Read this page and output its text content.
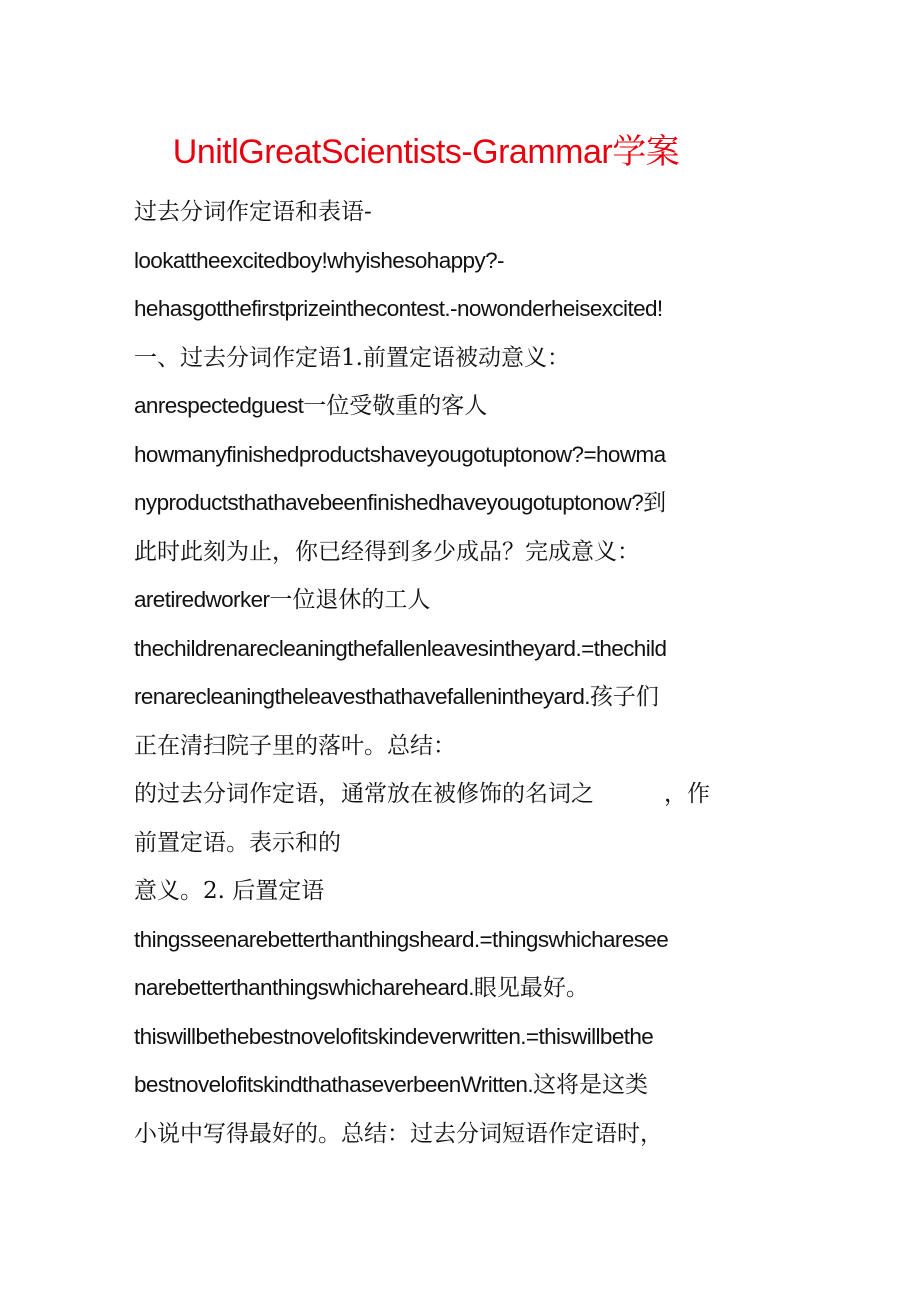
UnitlGreatScientists-Grammar学案
过去分词作定语和表语-
lookattheexcitedboy!whyishesohappy?-
hehasgotthefirstprizeinthecontest.-nowonderheisexcited!
一、过去分词作定语1.前置定语被动意义：
anrespectedguest一位受敬重的客人
howmanyfinishedproductshaveyougotuptonow?=howma
nyproductsthathavebeenfinishedhaveyougotuptonow?到
此时此刻为止，你已经得到多少成品？完成意义：
aretiredworker一位退休的工人
thechildrenarecleaningthefallenleavesintheyard.=thechild
renarecleaningtheleavesthathavefallenintheyard.孩子们
正在清扫院子里的落叶。总结：
的过去分词作定语，通常放在被修饰的名词之	，作
前置定语。表示和的
意义。2. 后置定语
thingsseenarebetterthanthingsheard.=thingswhicharesee
narebetterthanthingswhichareheard.眼见最好。
thiswillbethebestnovelofitskindeverwritten.=thiswillbethe
bestnovelofitskindthathaseverbeenWritten.这将是这类
小说中写得最好的。总结：过去分词短语作定语时，
